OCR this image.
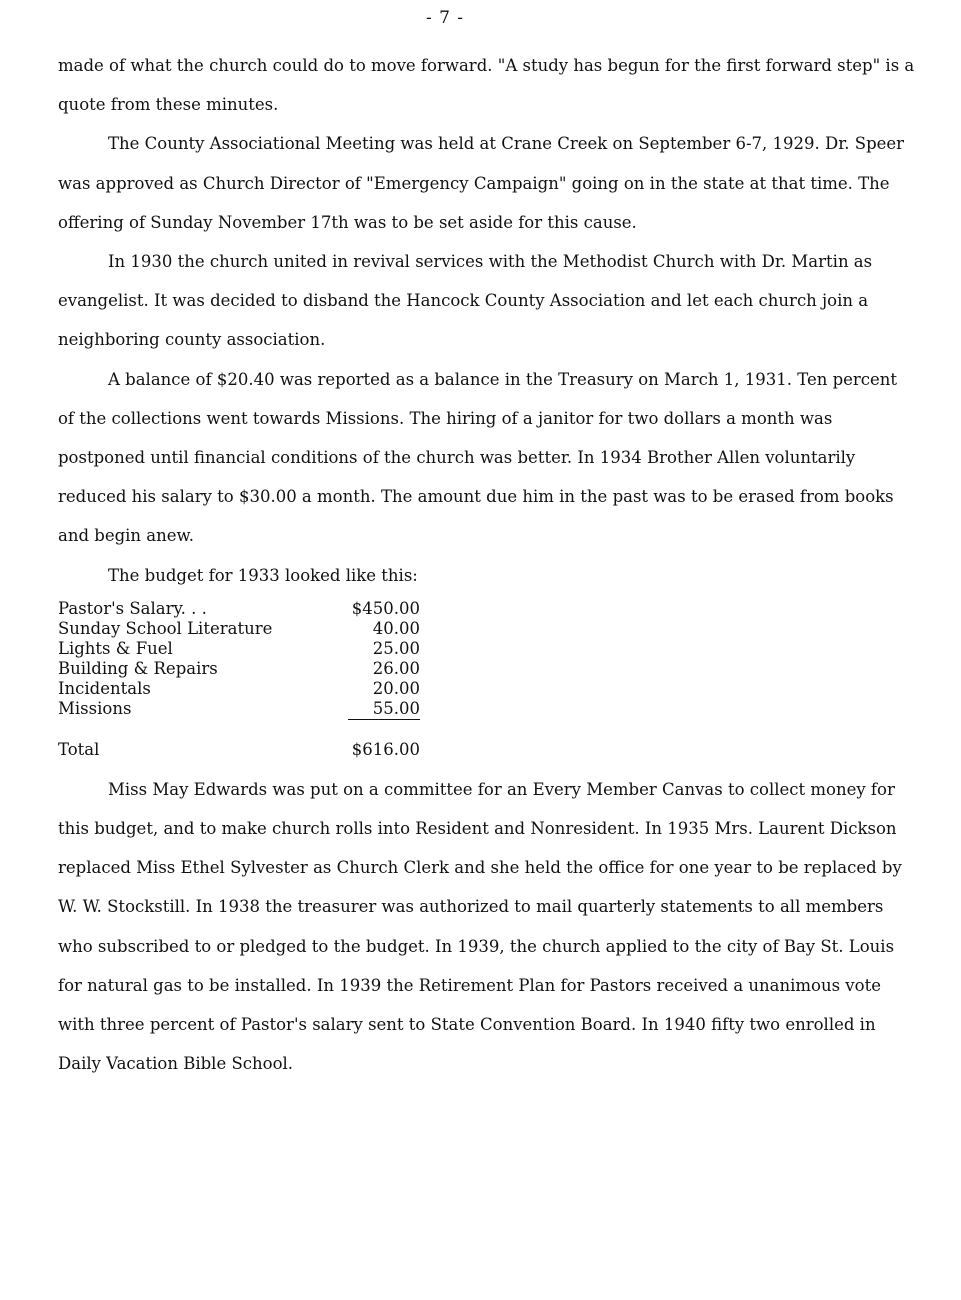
- 7 -

made of what the church could do to move forward. "A study has begun for the first forward step" is a quote from these minutes.

The County Associational Meeting was held at Crane Creek on September 6-7, 1929. Dr. Speer was approved as Church Director of "Emergency Campaign" going on in the state at that time. The offering of Sunday November 17th was to be set aside for this cause.

In 1930 the church united in revival services with the Methodist Church with Dr. Martin as evangelist. It was decided to disband the Hancock County Association and let each church join a neighboring county association.

A balance of $20.40 was reported as a balance in the Treasury on March 1, 1931. Ten percent of the collections went towards Missions. The hiring of a janitor for two dollars a month was postponed until financial conditions of the church was better. In 1934 Brother Allen voluntarily reduced his salary to $30.00 a month. The amount due him in the past was to be erased from books and begin anew.

The budget for 1933 looked like this:

Pastor's Salary. . .	$450.00
Sunday School Literature	40.00
Lights & Fuel	25.00
Building & Repairs	26.00
Incidentals	20.00
Missions	55.00
Total	$616.00

Miss May Edwards was put on a committee for an Every Member Canvas to collect money for this budget, and to make church rolls into Resident and Nonresident. In 1935 Mrs. Laurent Dickson replaced Miss Ethel Sylvester as Church Clerk and she held the office for one year to be replaced by W. W. Stockstill. In 1938 the treasurer was authorized to mail quarterly statements to all members who subscribed to or pledged to the budget. In 1939, the church applied to the city of Bay St. Louis for natural gas to be installed. In 1939 the Retirement Plan for Pastors received a unanimous vote with three percent of Pastor's salary sent to State Convention Board. In 1940 fifty two enrolled in Daily Vacation Bible School.
